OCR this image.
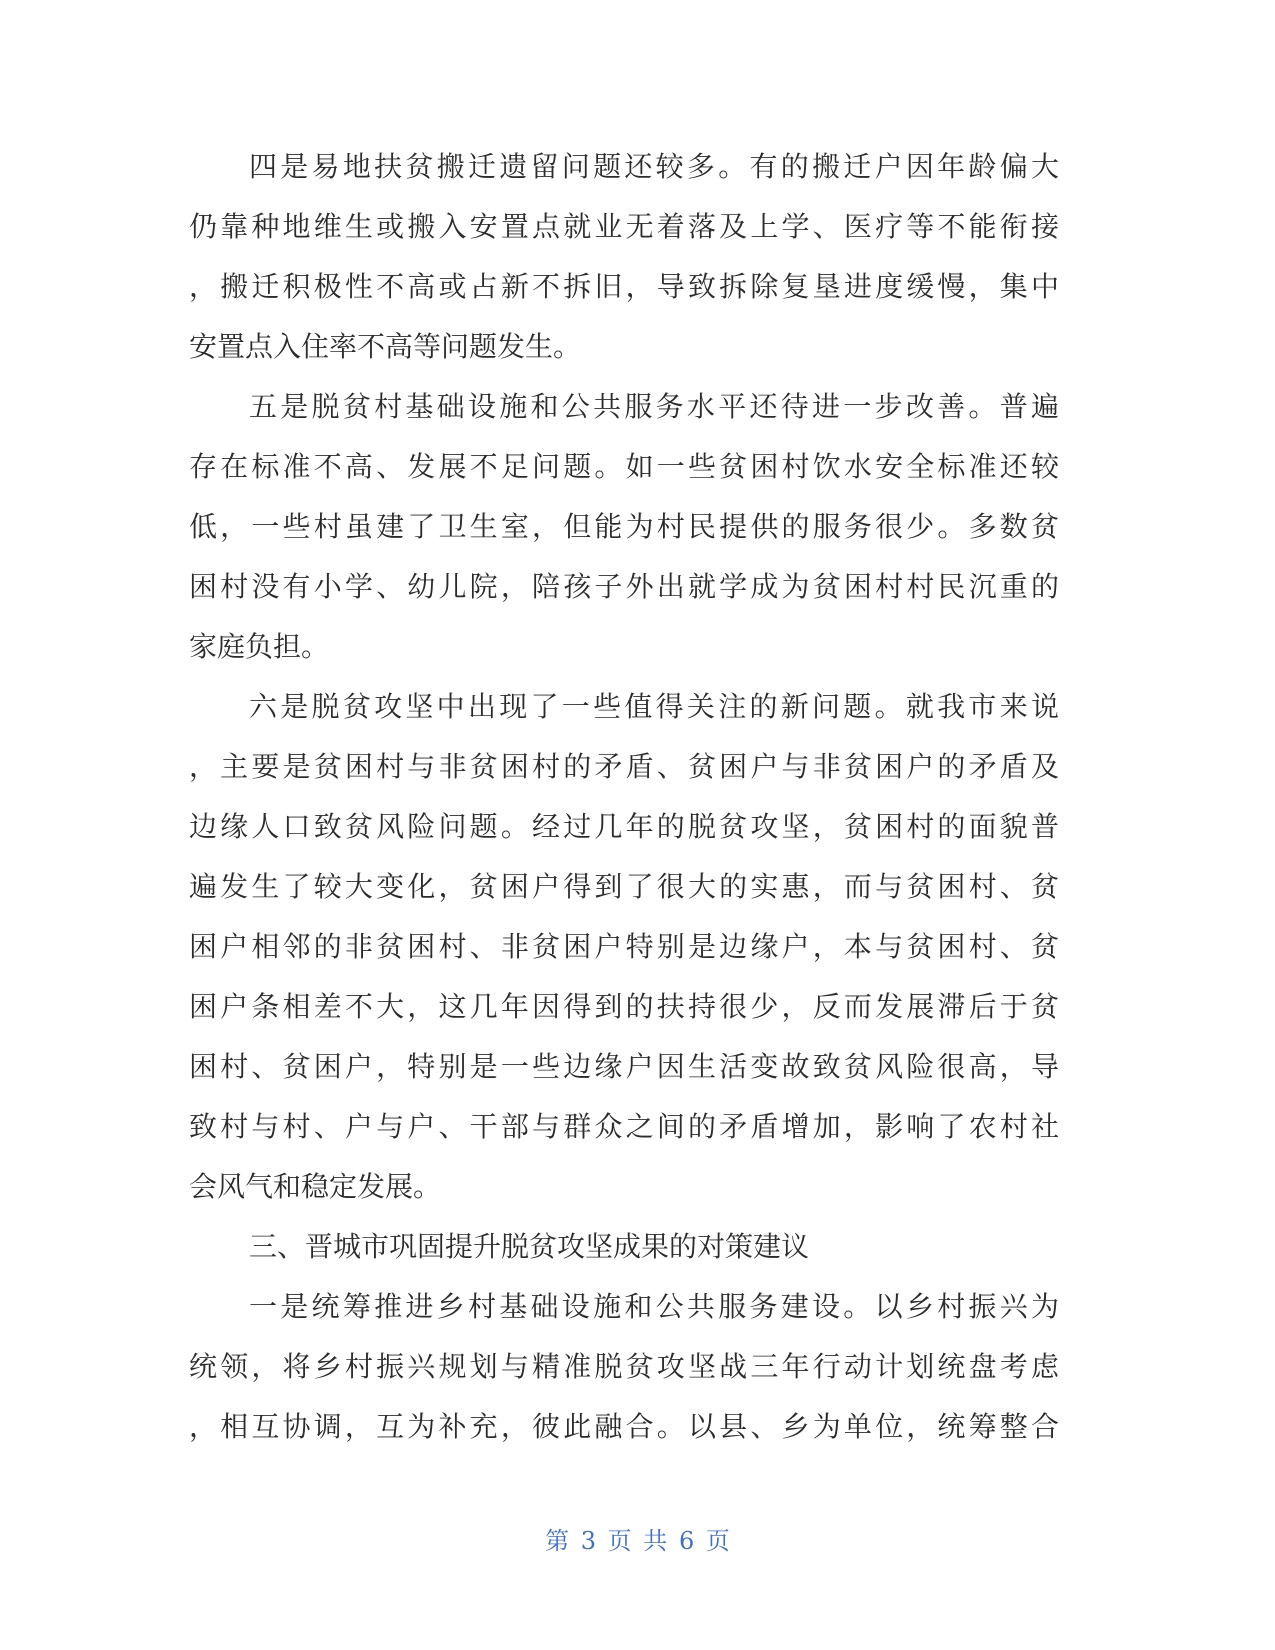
四是易地扶贫搬迁遗留问题还较多。有的搬迁户因年龄偏大
仍靠种地维生或搬入安置点就业无着落及上学、医疗等不能衔接
，搬迁积极性不高或占新不拆旧，导致拆除复垦进度缓慢，集中
安置点入住率不高等问题发生。
五是脱贫村基础设施和公共服务水平还待进一步改善。普遍
存在标准不高、发展不足问题。如一些贫困村饮水安全标准还较
低，一些村虽建了卫生室，但能为村民提供的服务很少。多数贫
困村没有小学、幼儿院，陪孩子外出就学成为贫困村村民沉重的
家庭负担。
六是脱贫攻坚中出现了一些值得关注的新问题。就我市来说
，主要是贫困村与非贫困村的矛盾、贫困户与非贫困户的矛盾及
边缘人口致贫风险问题。经过几年的脱贫攻坚，贫困村的面貌普
遍发生了较大变化，贫困户得到了很大的实惠，而与贫困村、贫
困户相邻的非贫困村、非贫困户特别是边缘户，本与贫困村、贫
困户条相差不大，这几年因得到的扶持很少，反而发展滞后于贫
困村、贫困户，特别是一些边缘户因生活变故致贫风险很高，导
致村与村、户与户、干部与群众之间的矛盾增加，影响了农村社
会风气和稳定发展。
三、晋城市巩固提升脱贫攻坚成果的对策建议
一是统筹推进乡村基础设施和公共服务建设。以乡村振兴为
统领，将乡村振兴规划与精准脱贫攻坚战三年行动计划统盘考虑
，相互协调，互为补充，彼此融合。以县、乡为单位，统筹整合
第 3 页 共 6 页
